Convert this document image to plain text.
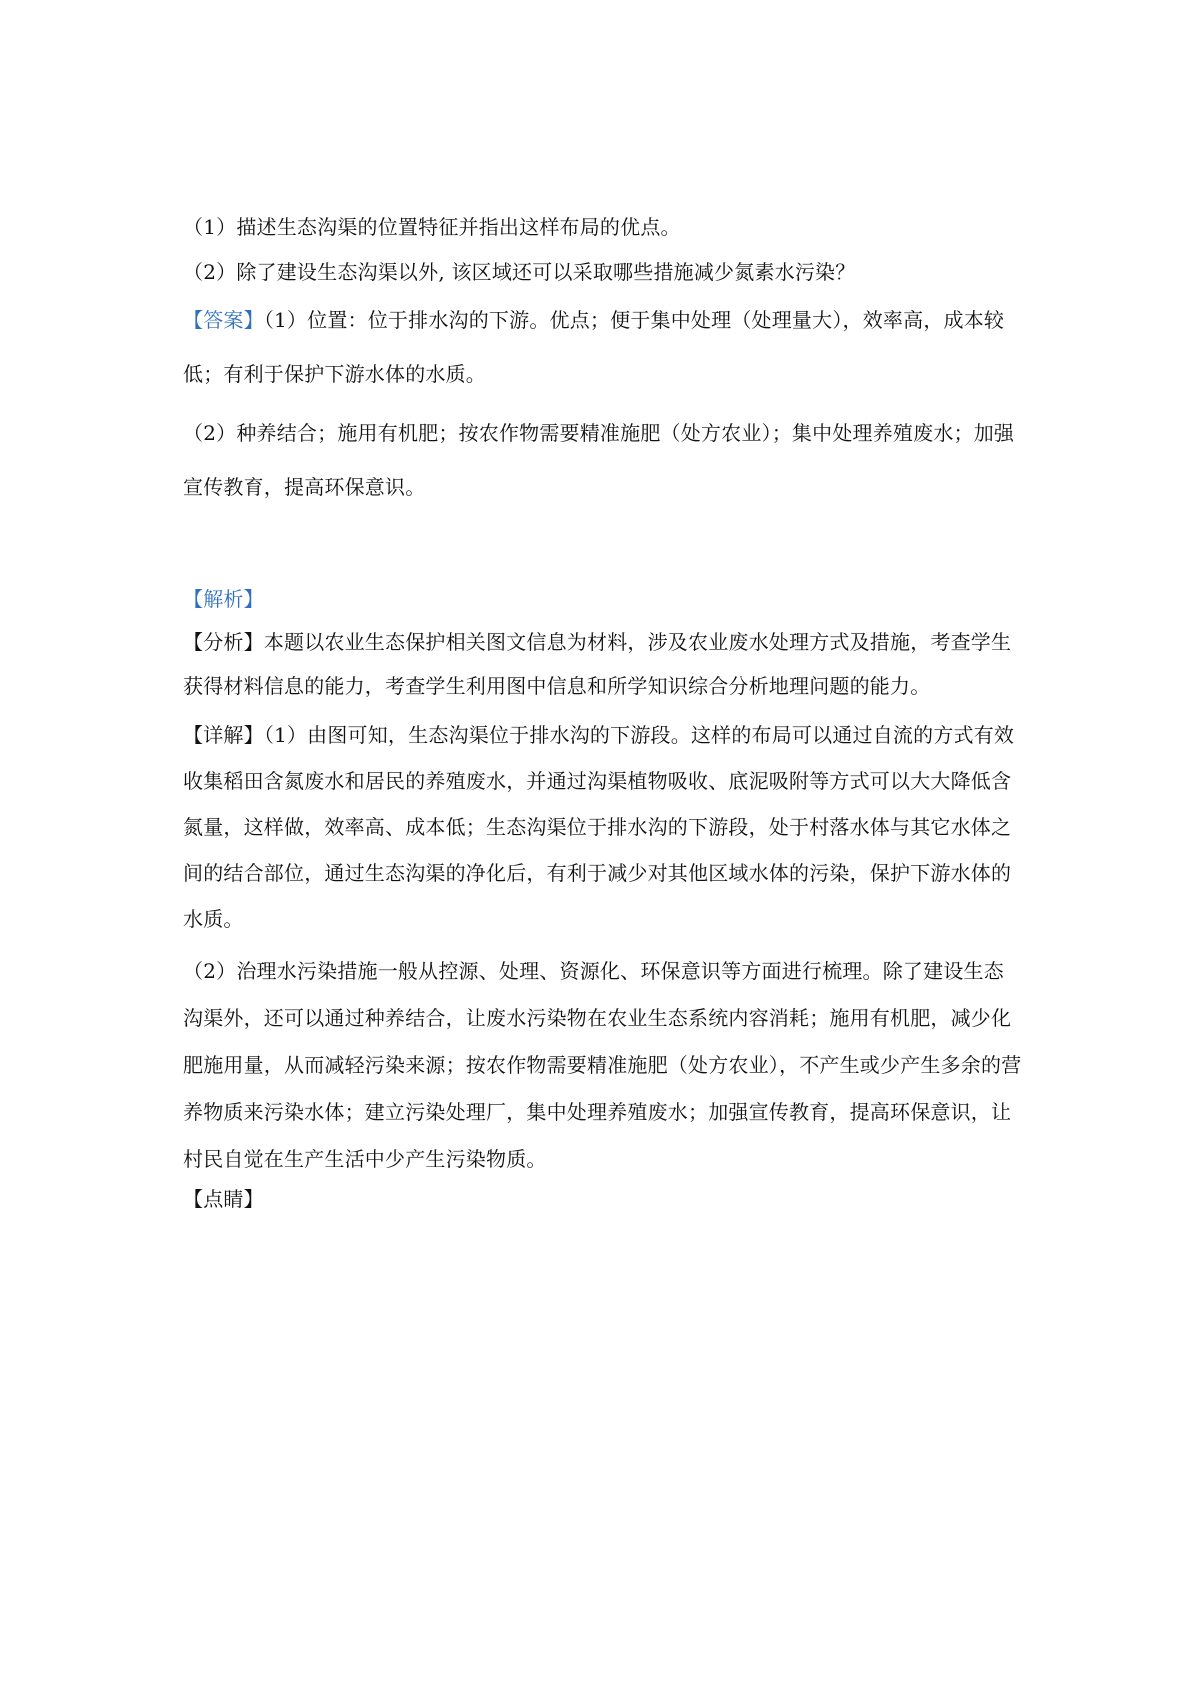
（1）描述生态沟渠的位置特征并指出这样布局的优点。

（2）除了建设生态沟渠以外, 该区域还可以采取哪些措施减少氮素水污染？

【答案】（1）位置：位于排水沟的下游。优点；便于集中处理（处理量大），效率高，成本较低；有利于保护下游水体的水质。

（2）种养结合；施用有机肥；按农作物需要精准施肥（处方农业）；集中处理养殖废水；加强宣传教育，提高环保意识。

【解析】

【分析】本题以农业生态保护相关图文信息为材料，涉及农业废水处理方式及措施，考查学生获得材料信息的能力，考查学生利用图中信息和所学知识综合分析地理问题的能力。

【详解】（1）由图可知，生态沟渠位于排水沟的下游段。这样的布局可以通过自流的方式有效收集稻田含氮废水和居民的养殖废水，并通过沟渠植物吸收、底泥吸附等方式可以大大降低含氮量，这样做，效率高、成本低；生态沟渠位于排水沟的下游段，处于村落水体与其它水体之间的结合部位，通过生态沟渠的净化后，有利于减少对其他区域水体的污染，保护下游水体的水质。

（2）治理水污染措施一般从控源、处理、资源化、环保意识等方面进行梳理。除了建设生态沟渠外，还可以通过种养结合，让废水污染物在农业生态系统内容消耗；施用有机肥，减少化肥施用量，从而减轻污染来源；按农作物需要精准施肥（处方农业），不产生或少产生多余的营养物质来污染水体；建立污染处理厂，集中处理养殖废水；加强宣传教育，提高环保意识，让村民自觉在生产生活中少产生污染物质。

【点睛】
